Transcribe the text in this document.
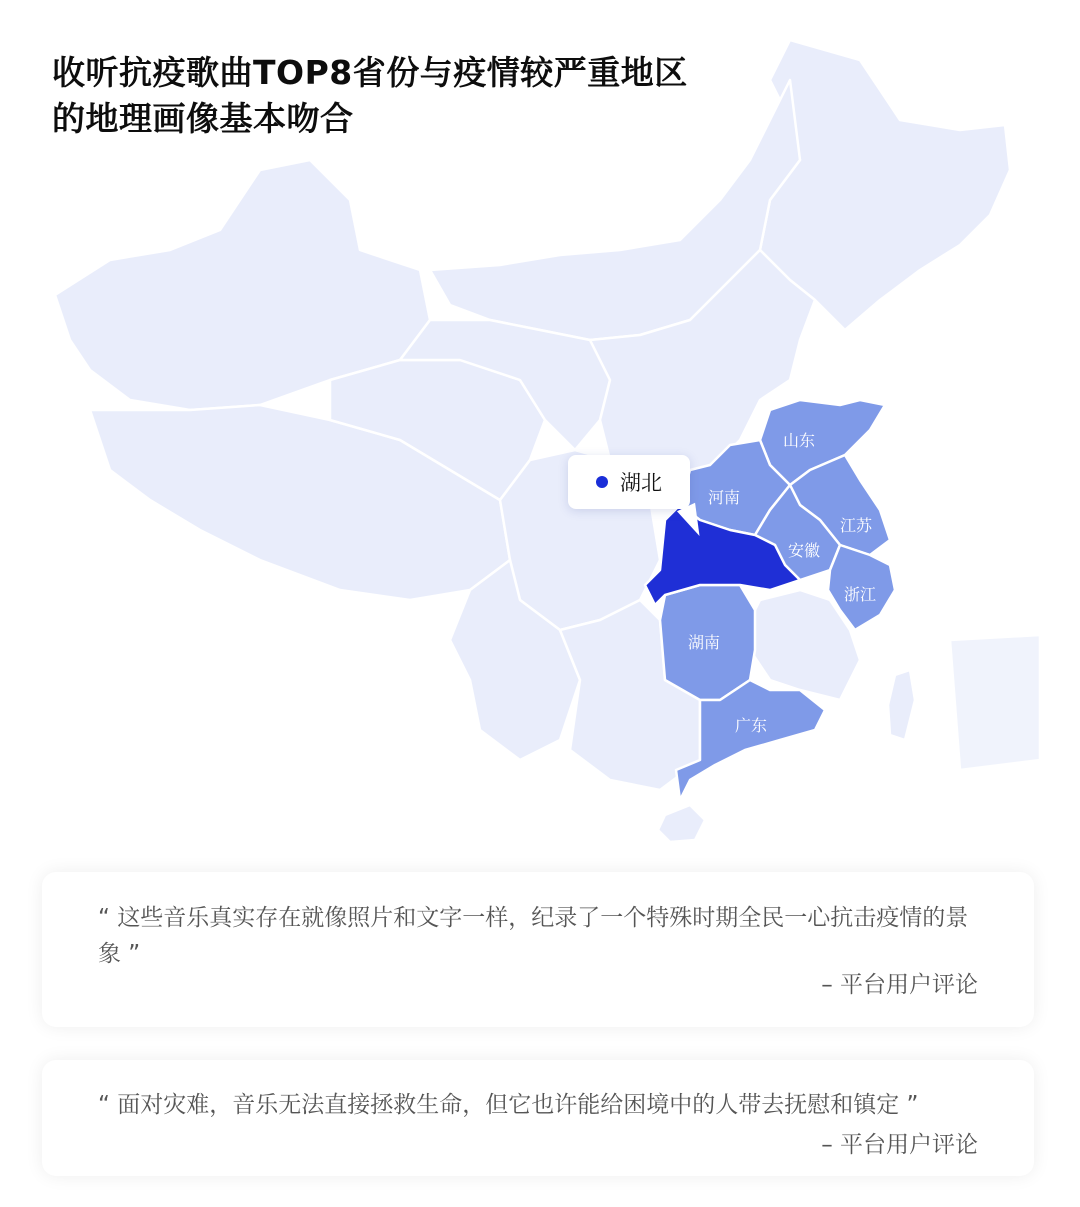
收听抗疫歌曲TOP8省份与疫情较严重地区
的地理画像基本吻合
山东
河南
江苏
安徽
浙江
湖南
广东
湖北
“ 这些音乐真实存在就像照片和文字一样，纪录了一个特殊时期全民一心抗击疫情的景象 ”
– 平台用户评论
“ 面对灾难，音乐无法直接拯救生命，但它也许能给困境中的人带去抚慰和镇定 ”
– 平台用户评论
